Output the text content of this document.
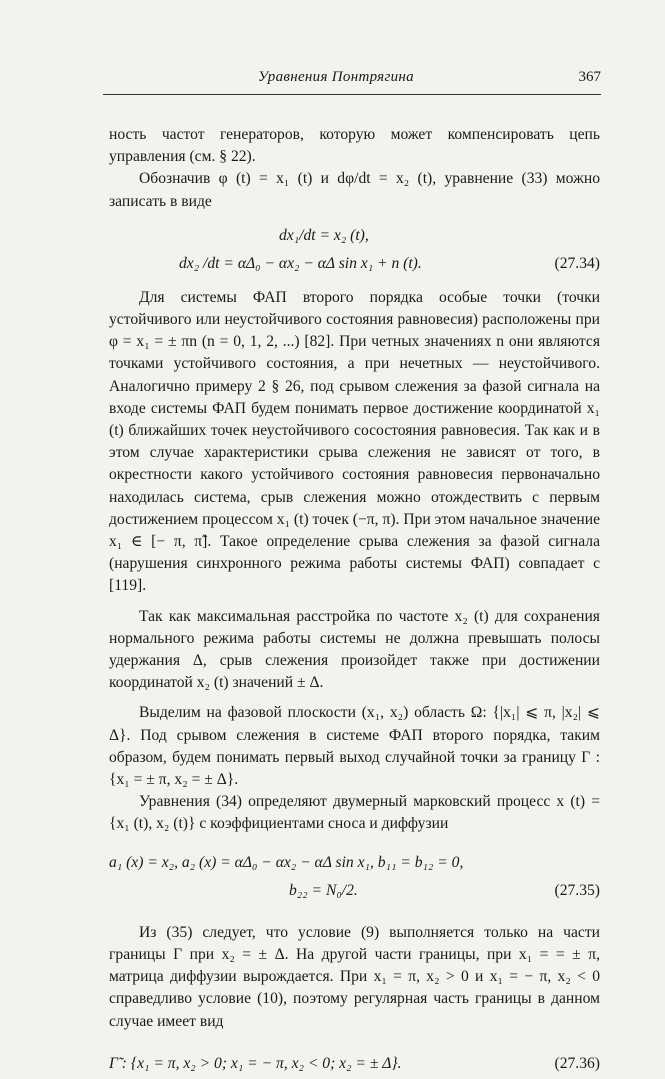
Уравнения Понтрягина	367

ность частот генераторов, которую может компенсировать цепь управления (см. § 22).

Обозначив φ (t) = x₁ (t) и dφ/dt = x₂ (t), уравнение (33) можно записать в виде

dx₁/dt = x₂ (t),
dx₂ /dt = αΔ₀ − αx₂ − αΔ sin x₁ + n (t).	(27.34)

Для системы ФАП второго порядка особые точки (точки устойчивого или неустойчивого состояния равновесия) расположены при φ = x₁ = ± πn (n = 0, 1, 2, ...) [82]. При четных значениях n они являются точками устойчивого состояния, а при нечетных — неустойчивого. Аналогично примеру 2 § 26, под срывом слежения за фазой сигнала на входе системы ФАП будем понимать первое достижение координатой x₁ (t) ближайших точек неустойчивого сосостояния равновесия. Так как и в этом случае характеристики срыва слежения не зависят от того, в окрестности какого устойчивого состояния равновесия первоначально находилась система, срыв слежения можно отождествить с первым достижением процессом x₁ (t) точек (−π, π). При этом начальное значение x₁ ∈ [− π, π̃]. Такое определение срыва слежения за фазой сигнала (нарушения синхронного режима работы системы ФАП) совпадает с [119].

Так как максимальная расстройка по частоте x₂ (t) для сохранения нормального режима работы системы не должна превышать полосы удержания Δ, срыв слежения произойдет также при достижении координатой x₂ (t) значений ± Δ.

Выделим на фазовой плоскости (x₁, x₂) область Ω: {|x₁| ⩽ π, |x₂| ⩽ Δ}. Под срывом слежения в системе ФАП второго порядка, таким образом, будем понимать первый выход случайной точки за границу Γ : {x₁ = ± π, x₂ = ± Δ}.

Уравнения (34) определяют двумерный марковский процесс x (t) = {x₁ (t), x₂ (t)} с коэффициентами сноса и диффузии

a₁ (x) = x₂, a₂ (x) = αΔ₀ − αx₂ − αΔ sin x₁, b₁₁ = b₁₂ = 0,
b₂₂ = N₀/2.	(27.35)

Из (35) следует, что условие (9) выполняется только на части границы Γ при x₂ = ± Δ. На другой части границы, при x₁ = = ± π, матрица диффузии вырождается. При x₁ = π, x₂ > 0 и x₁ = − π, x₂ < 0 справедливо условие (10), поэтому регулярная часть границы в данном случае имеет вид

Γ̃ : {x₁ = π, x₂ > 0; x₁ = − π, x₂ < 0; x₂ = ± Δ}.	(27.36)
